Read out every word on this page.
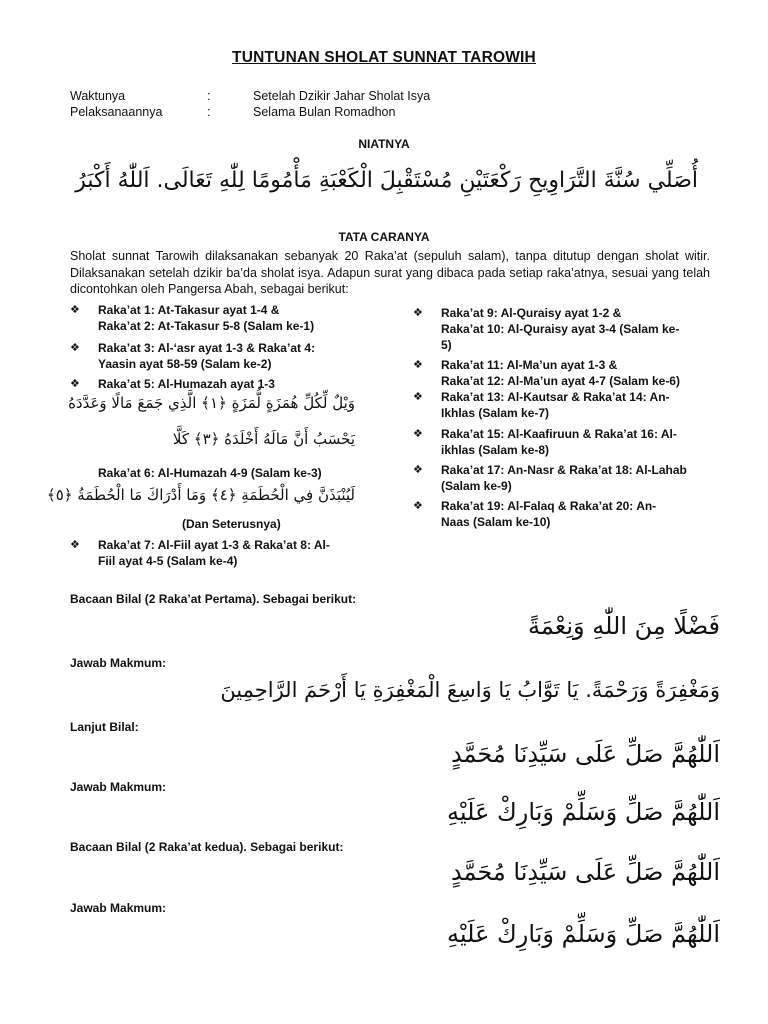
TUNTUNAN SHOLAT SUNNAT TAROWIH
Waktunya	:	Setelah Dzikir Jahar Sholat Isya
Pelaksanaannya	:	Selama Bulan Romadhon
NIATNYA
أُصَلِّي سُنَّةَ التَّرَاوِيحِ رَكْعَتَيْنِ مُسْتَقْبِلَ الْكَعْبَةِ مَأْمُومًا لِلّٰهِ تَعَالَى. اَللّٰهُ أَكْبَرُ
TATA CARANYA
Sholat sunnat Tarowih dilaksanakan sebanyak 20 Raka’at (sepuluh salam), tanpa ditutup dengan sholat witir. Dilaksanakan setelah dzikir ba’da sholat isya. Adapun surat yang dibaca pada setiap raka’atnya, sesuai yang telah dicontohkan oleh Pangersa Abah, sebagai berikut:
❖ Raka’at 1: At-Takasur ayat 1-4 &
Raka’at 2: At-Takasur 5-8 (Salam ke-1)
❖ Raka’at 3: Al-‘asr ayat 1-3 & Raka’at 4:
Yaasin ayat 58-59 (Salam ke-2)
❖ Raka’at 5: Al-Humazah ayat 1-3
وَيْلٌ لِّكُلِّ هُمَزَةٍ لُّمَزَةٍ ﴿١﴾ الَّذِي جَمَعَ مَالًا وَعَدَّدَهُ
يَحْسَبُ أَنَّ مَالَهُ أَخْلَدَهُ ﴿٣﴾ كَلَّا
Raka’at 6: Al-Humazah 4-9 (Salam ke-3)
لَيُنْبَذَنَّ فِي الْحُطَمَةِ ﴿٤﴾ وَمَا أَدْرَاكَ مَا الْحُطَمَةُ ﴿٥﴾
(Dan Seterusnya)
❖ Raka’at 7: Al-Fiil ayat 1-3 & Raka’at 8: Al-
Fiil ayat 4-5 (Salam ke-4)
❖ Raka’at 9: Al-Quraisy ayat 1-2 &
Raka’at 10: Al-Quraisy ayat 3-4 (Salam ke-
5)
❖ Raka’at 11: Al-Ma’un ayat 1-3 &
Raka’at 12: Al-Ma’un ayat 4-7 (Salam ke-6)
❖ Raka’at 13: Al-Kautsar & Raka’at 14: An-
Ikhlas (Salam ke-7)
❖ Raka’at 15: Al-Kaafiruun & Raka’at 16: Al-
ikhlas (Salam ke-8)
❖ Raka’at 17: An-Nasr & Raka’at 18: Al-Lahab
(Salam ke-9)
❖ Raka’at 19: Al-Falaq & Raka’at 20: An-
Naas (Salam ke-10)
Bacaan Bilal (2 Raka’at Pertama). Sebagai berikut:
فَضْلًا مِنَ اللّٰهِ وَنِعْمَةً
Jawab Makmum:
وَمَغْفِرَةً وَرَحْمَةً. يَا تَوَّابُ يَا وَاسِعَ الْمَغْفِرَةِ يَا أَرْحَمَ الرَّاحِمِينَ
Lanjut Bilal:
اَللّٰهُمَّ صَلِّ عَلَى سَيِّدِنَا مُحَمَّدٍ
Jawab Makmum:
اَللّٰهُمَّ صَلِّ وَسَلِّمْ وَبَارِكْ عَلَيْهِ
Bacaan Bilal (2 Raka’at kedua). Sebagai berikut:
اَللّٰهُمَّ صَلِّ عَلَى سَيِّدِنَا مُحَمَّدٍ
Jawab Makmum:
اَللّٰهُمَّ صَلِّ وَسَلِّمْ وَبَارِكْ عَلَيْهِ
